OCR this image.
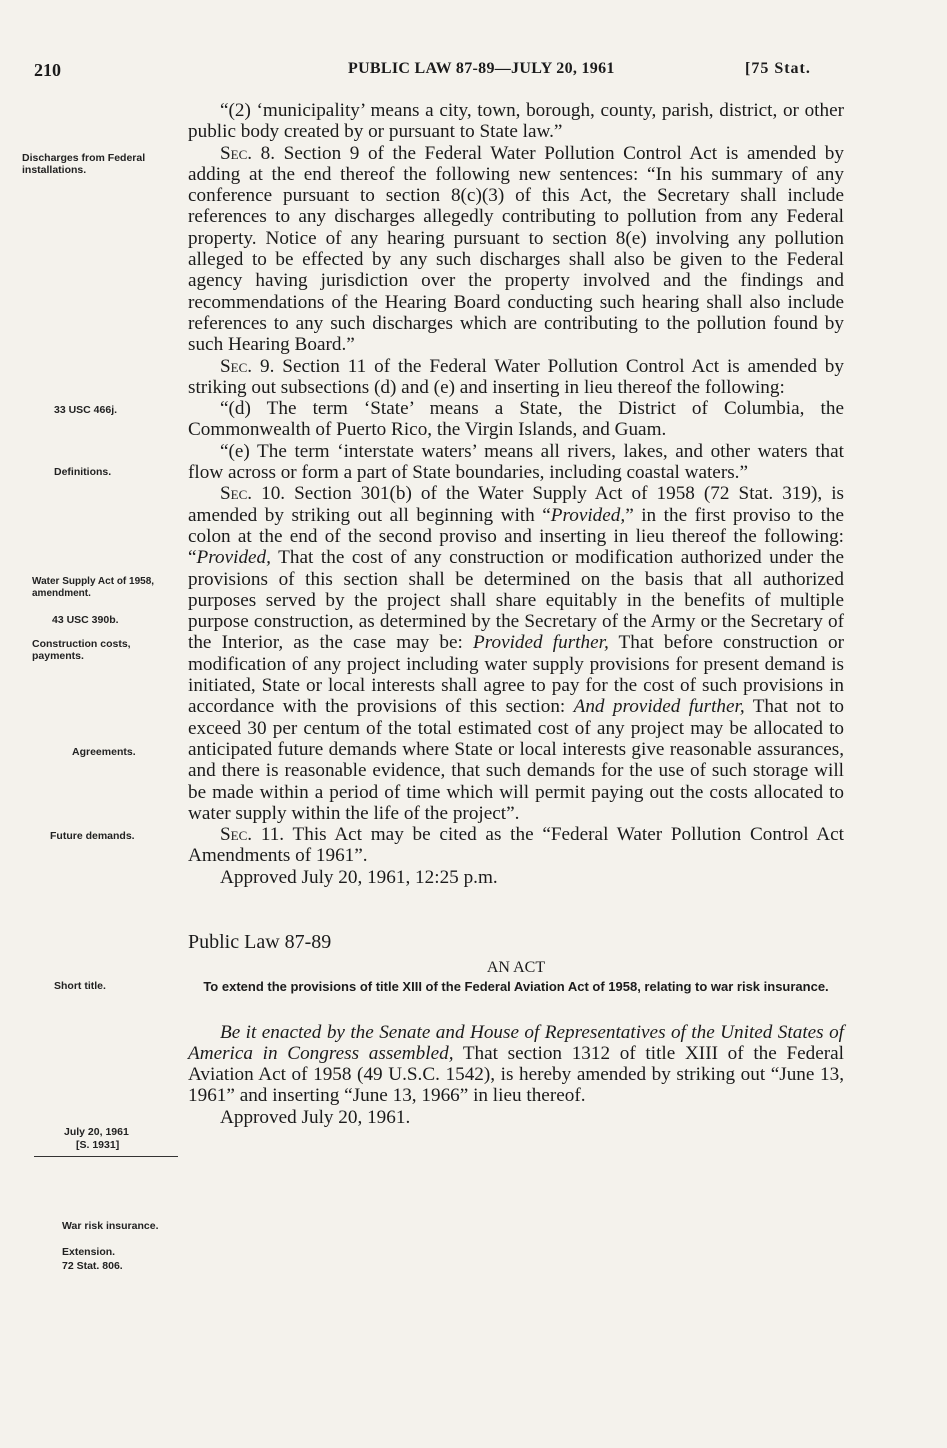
210	PUBLIC LAW 87-89—JULY 20, 1961	[75 Stat.
Discharges from Federal installations.
33 USC 466j.
Definitions.
Water Supply Act of 1958, amendment.
43 USC 390b.
Construction costs, payments.
Agreements.
Future demands.
Short title.
July 20, 1961
[S. 1931]
War risk insurance.
Extension.
72 Stat. 806.

“(2) ‘municipality’ means a city, town, borough, county, parish, district, or other public body created by or pursuant to State law.”

Sec. 8. Section 9 of the Federal Water Pollution Control Act is amended by adding at the end thereof the following new sentences: “In his summary of any conference pursuant to section 8(c)(3) of this Act, the Secretary shall include references to any discharges allegedly contributing to pollution from any Federal property. Notice of any hearing pursuant to section 8(e) involving any pollution alleged to be effected by any such discharges shall also be given to the Federal agency having jurisdiction over the property involved and the findings and recommendations of the Hearing Board conducting such hearing shall also include references to any such discharges which are contributing to the pollution found by such Hearing Board.”

Sec. 9. Section 11 of the Federal Water Pollution Control Act is amended by striking out subsections (d) and (e) and inserting in lieu thereof the following:

“(d) The term ‘State’ means a State, the District of Columbia, the Commonwealth of Puerto Rico, the Virgin Islands, and Guam.

“(e) The term ‘interstate waters’ means all rivers, lakes, and other waters that flow across or form a part of State boundaries, including coastal waters.”

Sec. 10. Section 301(b) of the Water Supply Act of 1958 (72 Stat. 319), is amended by striking out all beginning with “Provided,” in the first proviso to the colon at the end of the second proviso and inserting in lieu thereof the following: “Provided, That the cost of any construction or modification authorized under the provisions of this section shall be determined on the basis that all authorized purposes served by the project shall share equitably in the benefits of multiple purpose construction, as determined by the Secretary of the Army or the Secretary of the Interior, as the case may be: Provided further, That before construction or modification of any project including water supply provisions for present demand is initiated, State or local interests shall agree to pay for the cost of such provisions in accordance with the provisions of this section: And provided further, That not to exceed 30 per centum of the total estimated cost of any project may be allocated to anticipated future demands where State or local interests give reasonable assurances, and there is reasonable evidence, that such demands for the use of such storage will be made within a period of time which will permit paying out the costs allocated to water supply within the life of the project”.

Sec. 11. This Act may be cited as the “Federal Water Pollution Control Act Amendments of 1961”.

Approved July 20, 1961, 12:25 p.m.

Public Law 87-89

AN ACT

To extend the provisions of title XIII of the Federal Aviation Act of 1958, relating to war risk insurance.

Be it enacted by the Senate and House of Representatives of the United States of America in Congress assembled, That section 1312 of title XIII of the Federal Aviation Act of 1958 (49 U.S.C. 1542), is hereby amended by striking out “June 13, 1961” and inserting “June 13, 1966” in lieu thereof.

Approved July 20, 1961.
